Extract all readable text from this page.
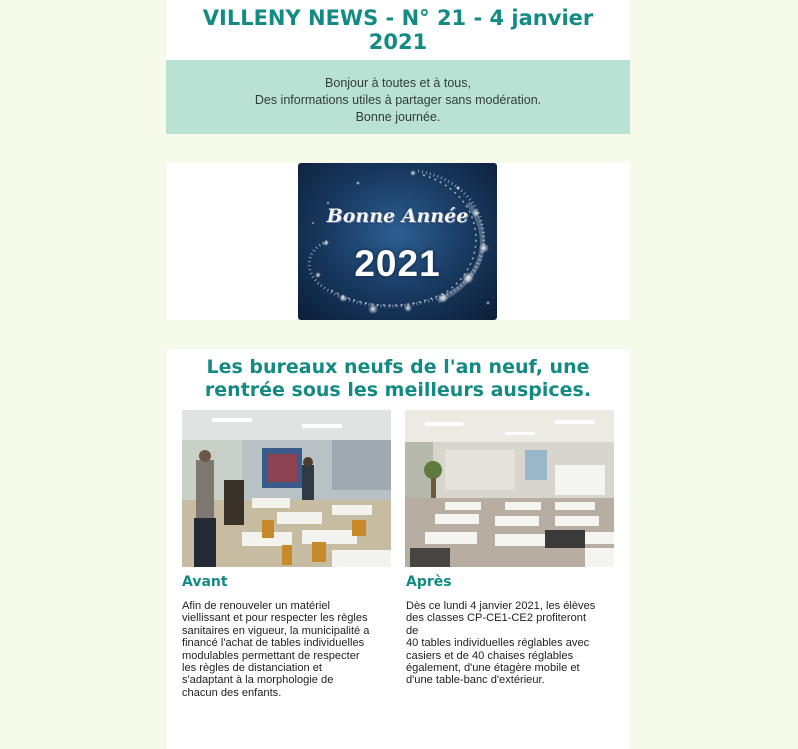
VILLENY NEWS - N° 21 - 4 janvier
2021
Bonjour à toutes et à tous,
Des informations utiles à partager sans modération.
Bonne journée.
Bonne Année
2021
Les bureaux neufs de l'an neuf, une
rentrée sous les meilleurs auspices.
Avant	Après
Afin de renouveler un matériel
viellissant et pour respecter les règles
sanitaires en vigueur, la municipalité a
financé l'achat de tables individuelles
modulables permettant de respecter
les règles de distanciation et
s'adaptant à la morphologie de
chacun des enfants.
Dès ce lundi 4 janvier 2021, les élèves
des classes CP-CE1-CE2 profiteront
de
40 tables individuelles réglables avec
casiers et de 40 chaises réglables
également, d'une étagère mobile et
d'une table-banc d'extérieur.
